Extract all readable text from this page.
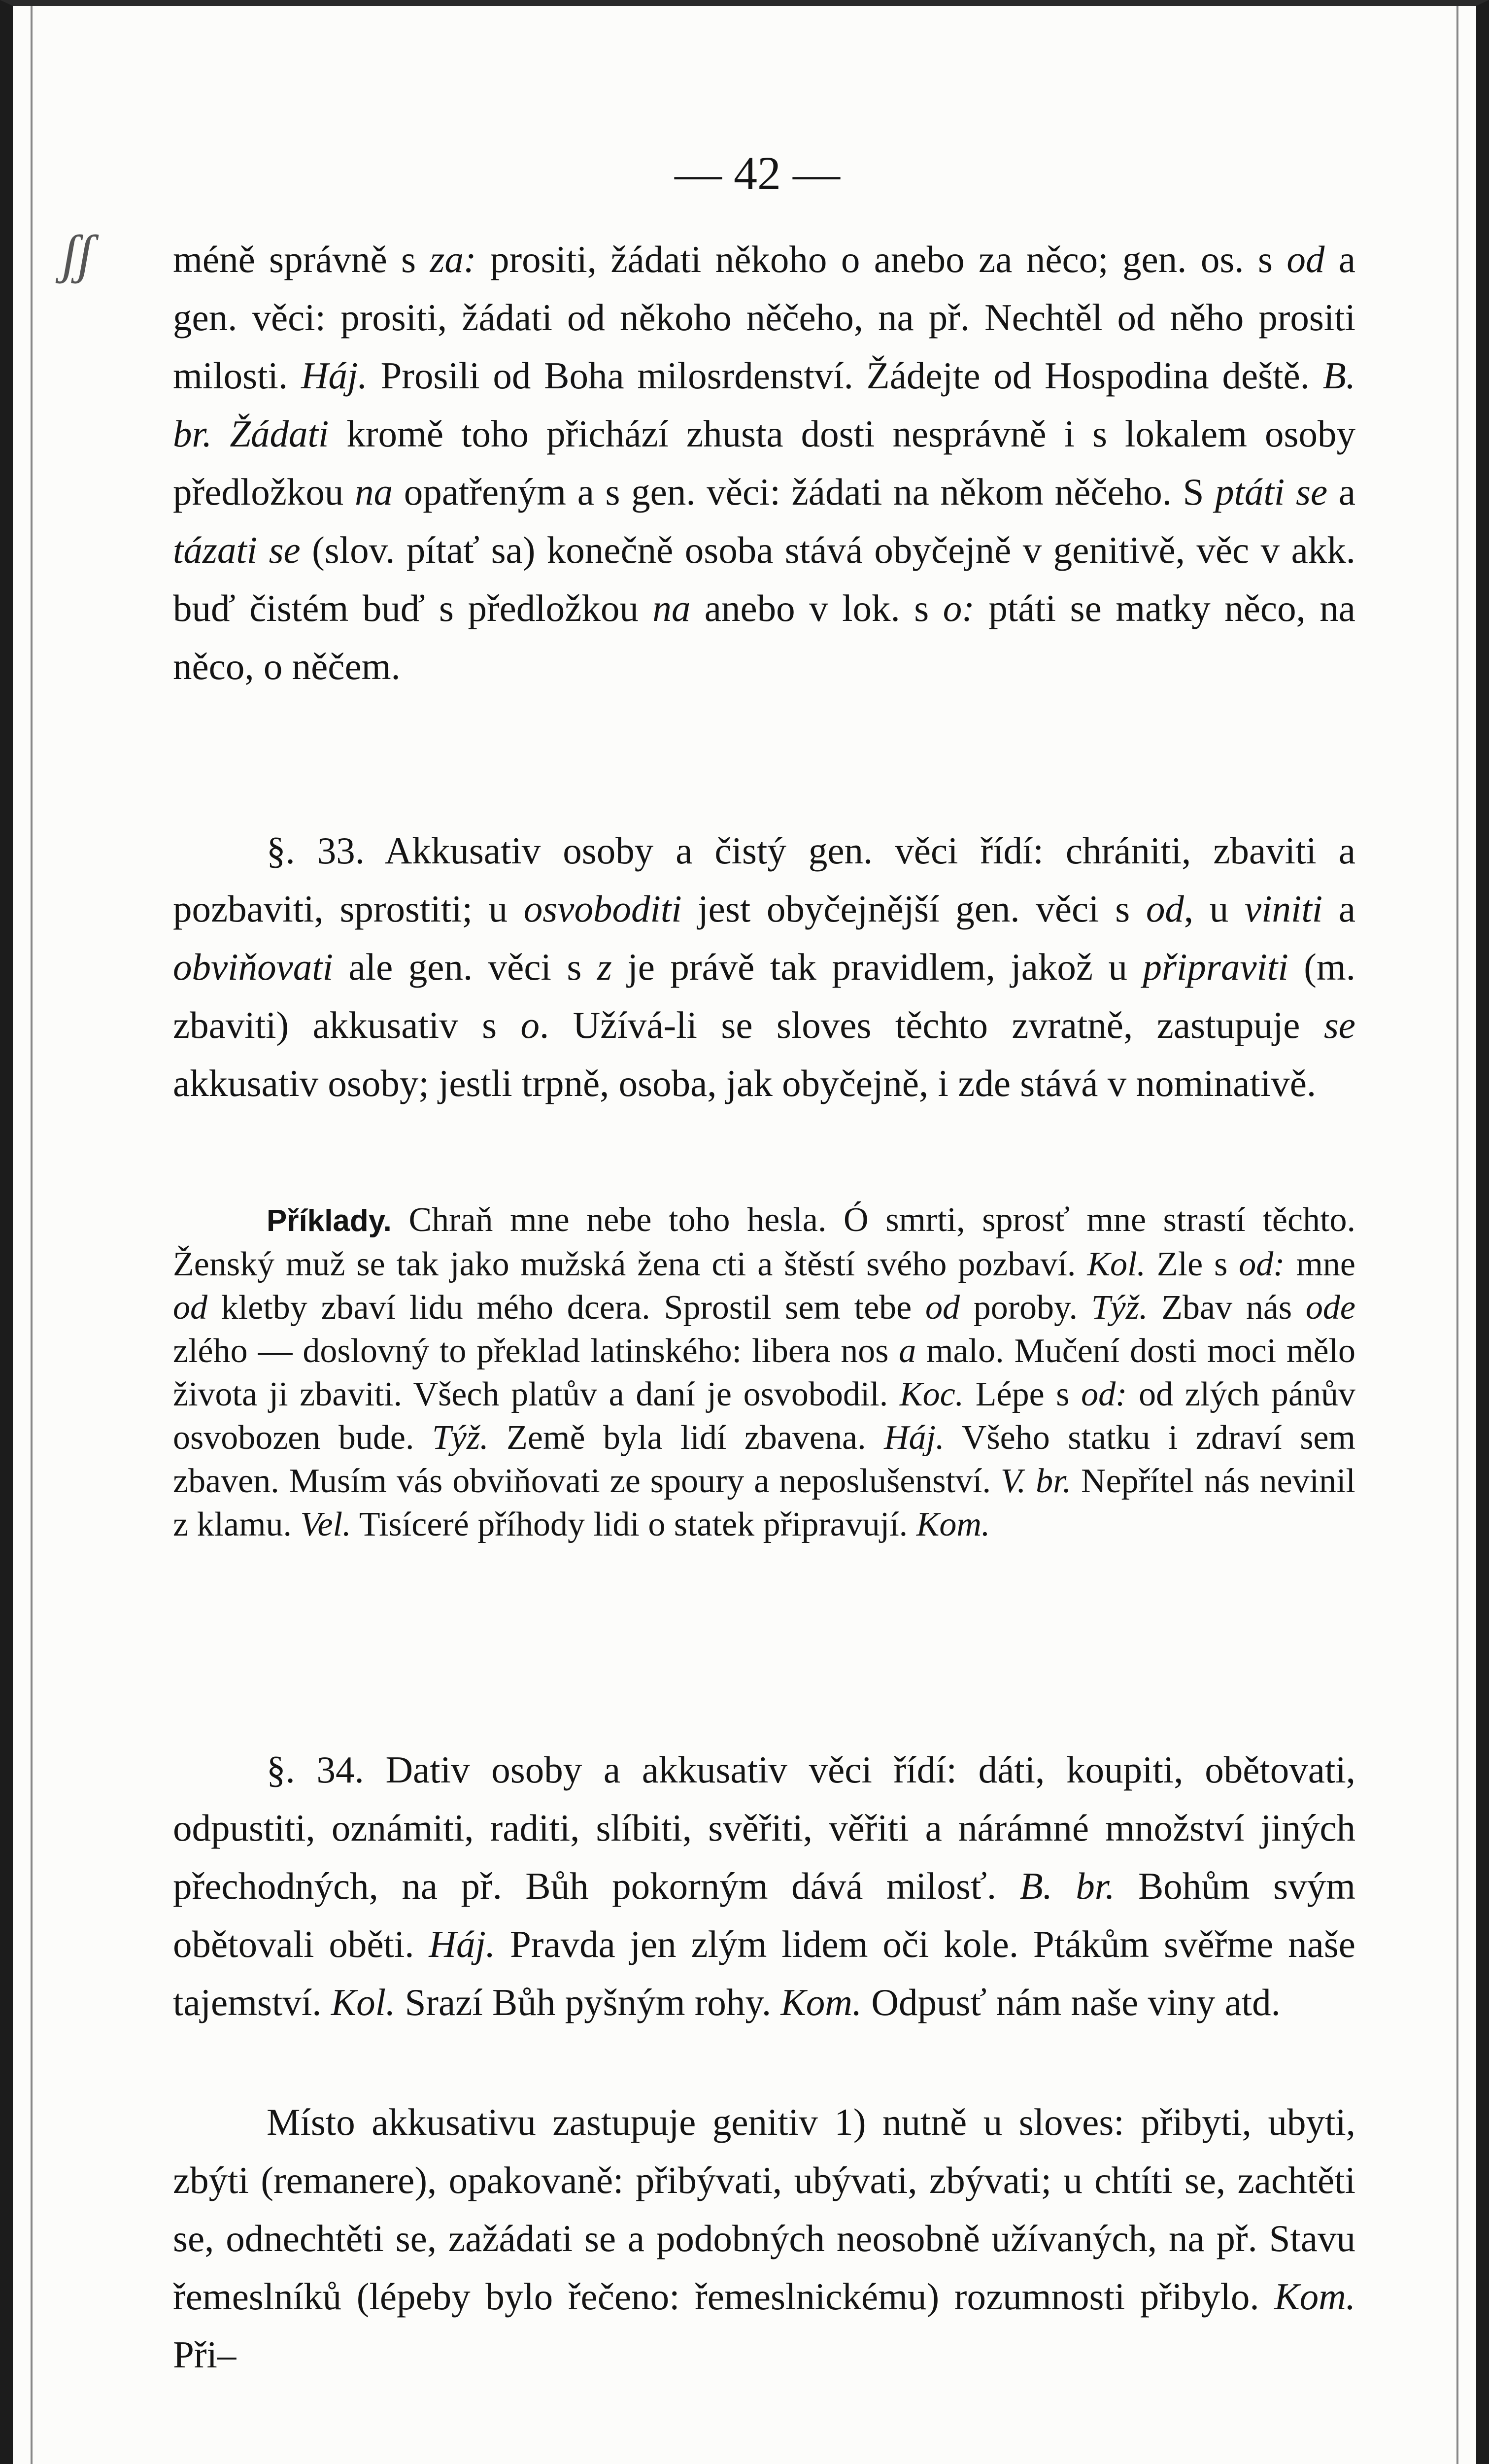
— 42 —
ʃʃ méně správně s za: prositi, žádati někoho o anebo za něco; gen. os. s od a gen. věci: prositi, žádati od někoho něčeho, na př. Nechtěl od něho prositi milosti. Háj. Prosili od Boha milosrdenství. Žádejte od Hospodina deště. B. br. Žádati kromě toho přichází zhusta dosti nesprávně i s lokalem osoby předložkou na opatřeným a s gen. věci: žádati na někom něčeho. S ptáti se a tázati se (slov. pítať sa) konečně osoba stává obyčejně v genitivě, věc v akk. buď čistém buď s předložkou na anebo v lok. s o: ptáti se matky něco, na něco, o něčem.

§. 33. Akkusativ osoby a čistý gen. věci řídí: chrániti, zbaviti a pozbaviti, sprostiti; u osvoboditi jest obyčejnější gen. věci s od, u viniti a obviňovati ale gen. věci s z je právě tak pravidlem, jakož u připraviti (m. zbaviti) akkusativ s o. Užívá-li se sloves těchto zvratně, zastupuje se akkusativ osoby; jestli trpně, osoba, jak obyčejně, i zde stává v nominativě.

Příklady. Chraň mne nebe toho hesla. Ó smrti, sprosť mne strastí těchto. Ženský muž se tak jako mužská žena cti a štěstí svého pozbaví. Kol. Zle s od: mne od kletby zbaví lidu mého dcera. Sprostil sem tebe od poroby. Týž. Zbav nás ode zlého — doslovný to překlad latinského: libera nos a malo. Mučení dosti moci mělo života ji zbaviti. Všech platův a daní je osvobodil. Koc. Lépe s od: od zlých pánův osvobozen bude. Týž. Země byla lidí zbavena. Háj. Všeho statku i zdraví sem zbaven. Musím vás obviňovati ze spoury a neposlušenství. V. br. Nepřítel nás nevinil z klamu. Vel. Tisíceré příhody lidi o statek připravují. Kom.

§. 34. Dativ osoby a akkusativ věci řídí: dáti, koupiti, obětovati, odpustiti, oznámiti, raditi, slíbiti, svěřiti, věřiti a nárámné množství jiných přechodných, na př. Bůh pokorným dává milosť. B. br. Bohům svým obětovali oběti. Háj. Pravda jen zlým lidem oči kole. Ptákům svěřme naše tajemství. Kol. Srazí Bůh pyšným rohy. Kom. Odpusť nám naše viny atd.

Místo akkusativu zastupuje genitiv 1) nutně u sloves: přibyti, ubyti, zbýti (remanere), opakovaně: přibývati, ubývati, zbývati; u chtíti se, zachtěti se, odnechtěti se, zažádati se a podobných neosobně užívaných, na př. Stavu řemeslníků (lépeby bylo řečeno: řemeslnickému) rozumnosti přibylo. Kom. Při–
